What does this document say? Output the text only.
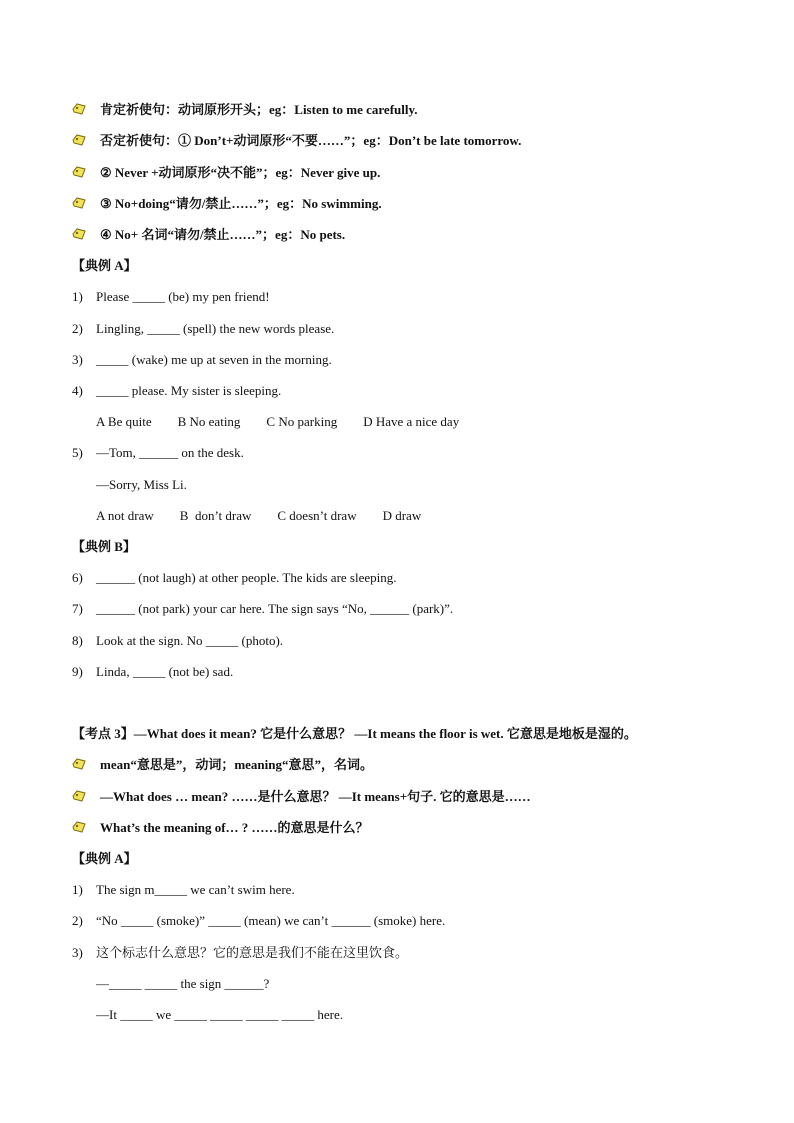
肯定祈使句：动词原形开头；eg：Listen to me carefully.
否定祈使句：① Don’t+动词原形“不要……”；eg：Don’t be late tomorrow.
② Never +动词原形“决不能”；eg：Never give up.
③ No+doing“请勿/禁止……”；eg：No swimming.
④ No+ 名词“请勿/禁止……”；eg：No pets.
【典例 A】
1) Please _____ (be) my pen friend!
2) Lingling, _____ (spell) the new words please.
3) _____ (wake) me up at seven in the morning.
4) _____ please. My sister is sleeping.
A Be quite        B No eating        C No parking        D Have a nice day
5) —Tom, ______ on the desk.
—Sorry, Miss Li.
A not draw        B  don’t draw        C doesn’t draw        D draw
【典例 B】
6) ______ (not laugh) at other people. The kids are sleeping.
7) ______ (not park) your car here. The sign says “No, ______ (park)”.
8) Look at the sign. No _____ (photo).
9) Linda, _____ (not be) sad.
【考点 3】—What does it mean? 它是什么意思？ —It means the floor is wet. 它意思是地板是湿的。
mean“意思是”，动词；meaning“意思”，名词。
—What does … mean? ……是什么意思？ —It means+句子. 它的意思是……
What’s the meaning of… ? ……的意思是什么？
【典例 A】
1) The sign m_____ we can’t swim here.
2) “No _____ (smoke)” _____ (mean) we can’t ______ (smoke) here.
3) 这个标志什么意思？它的意思是我们不能在这里饮食。
—_____ _____ the sign ______?
—It _____ we _____ _____ _____ _____ here.
